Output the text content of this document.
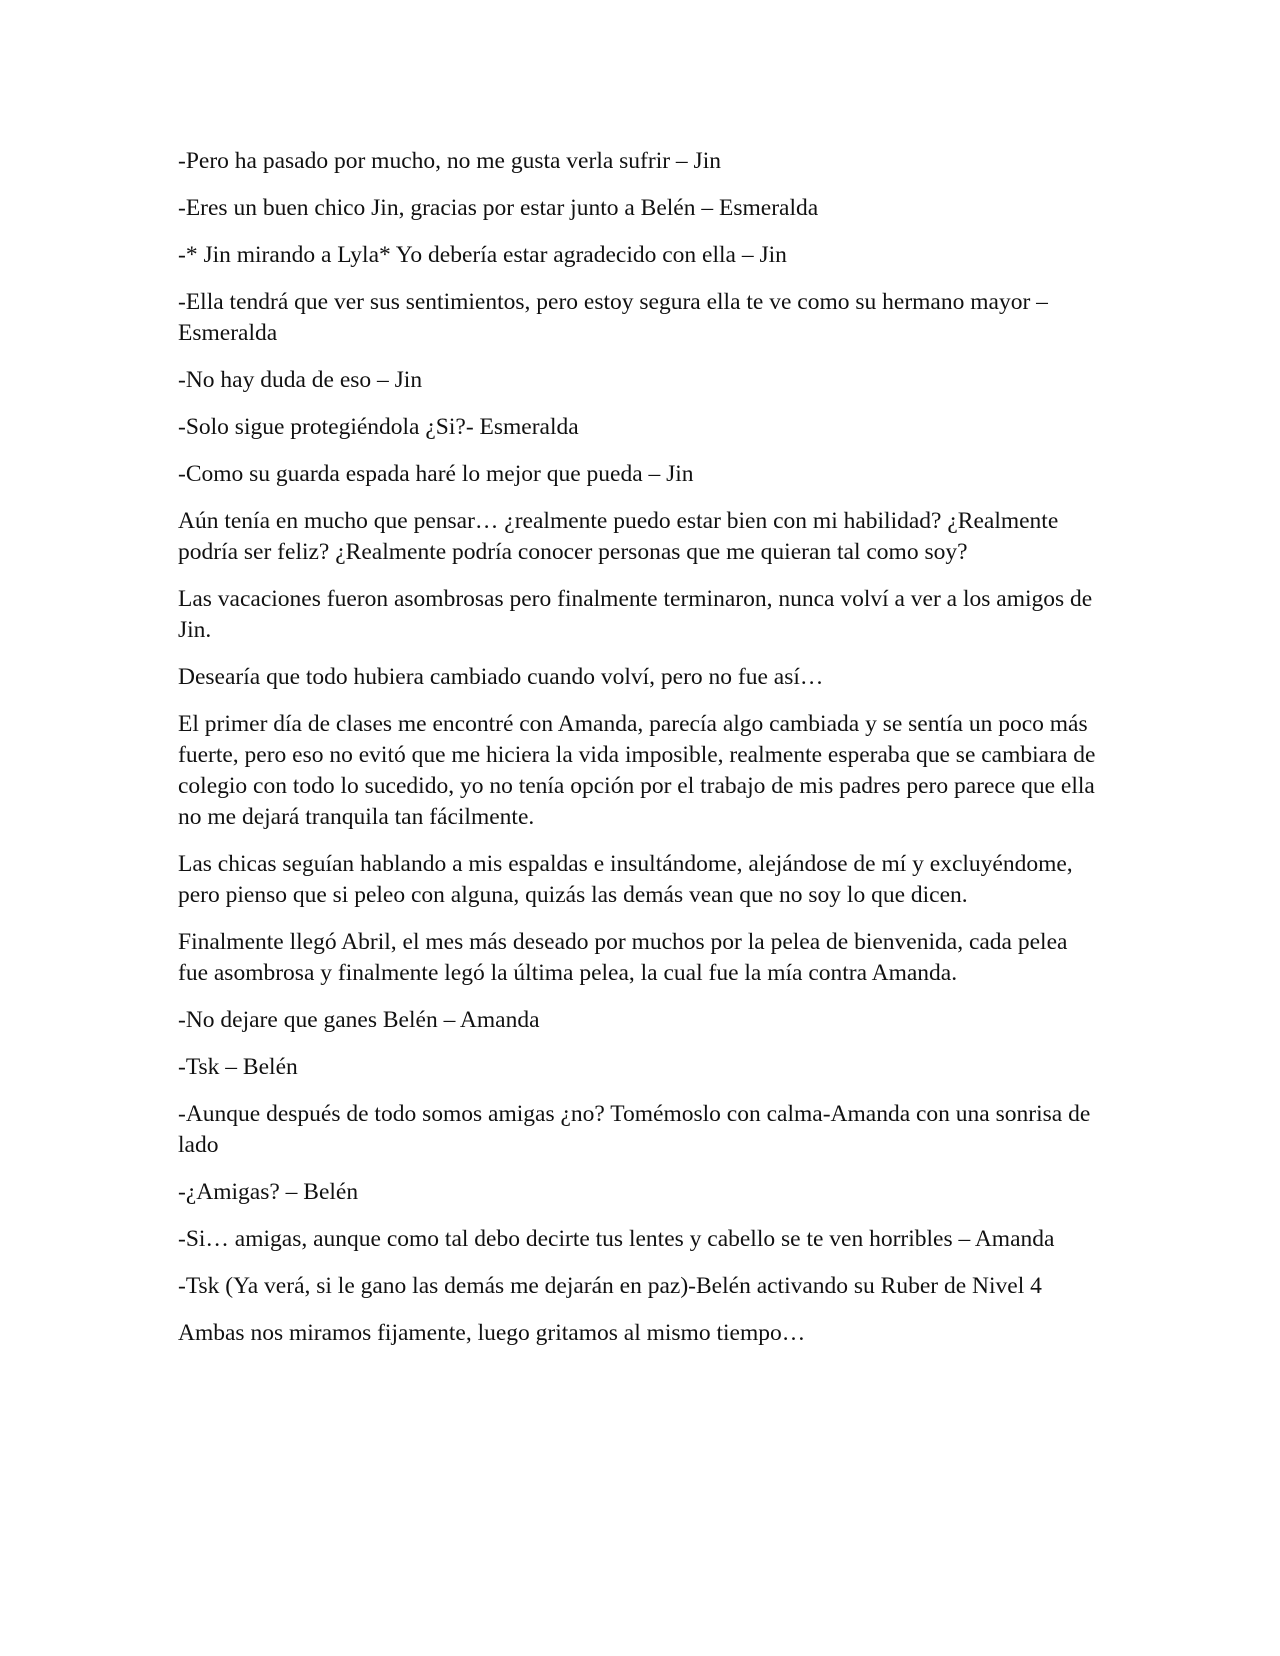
-Pero ha pasado por mucho, no me gusta verla sufrir – Jin

-Eres un buen chico Jin, gracias por estar junto a Belén – Esmeralda

-* Jin mirando a Lyla* Yo debería estar agradecido con ella – Jin

-Ella tendrá que ver sus sentimientos, pero estoy segura ella te ve como su hermano mayor – Esmeralda

-No hay duda de eso – Jin

-Solo sigue protegiéndola ¿Si?- Esmeralda

-Como su guarda espada haré lo mejor que pueda – Jin

Aún tenía en mucho que pensar… ¿realmente puedo estar bien con mi habilidad? ¿Realmente podría ser feliz? ¿Realmente podría conocer personas que me quieran tal como soy?

Las vacaciones fueron asombrosas pero finalmente terminaron, nunca volví a ver a los amigos de Jin.

Desearía que todo hubiera cambiado cuando volví, pero no fue así…

El primer día de clases me encontré con Amanda, parecía algo cambiada y se sentía un poco más fuerte, pero eso no evitó que me hiciera la vida imposible, realmente esperaba que se cambiara de colegio con todo lo sucedido, yo no tenía opción por el trabajo de mis padres pero parece que ella no me dejará tranquila tan fácilmente.

Las chicas seguían hablando a mis espaldas e insultándome, alejándose de mí y excluyéndome, pero pienso que si peleo con alguna, quizás las demás vean que no soy lo que dicen.

Finalmente llegó Abril, el mes más deseado por muchos por la pelea de bienvenida, cada pelea fue asombrosa y finalmente legó la última pelea, la cual fue la mía contra Amanda.

-No dejare que ganes Belén – Amanda

-Tsk – Belén

-Aunque después de todo somos amigas ¿no? Tomémoslo con calma-Amanda con una sonrisa de lado

-¿Amigas? – Belén

-Si… amigas, aunque como tal debo decirte tus lentes y cabello se te ven horribles – Amanda

-Tsk (Ya verá, si le gano las demás me dejarán en paz)-Belén activando su Ruber de Nivel 4

Ambas nos miramos fijamente, luego gritamos al mismo tiempo…
